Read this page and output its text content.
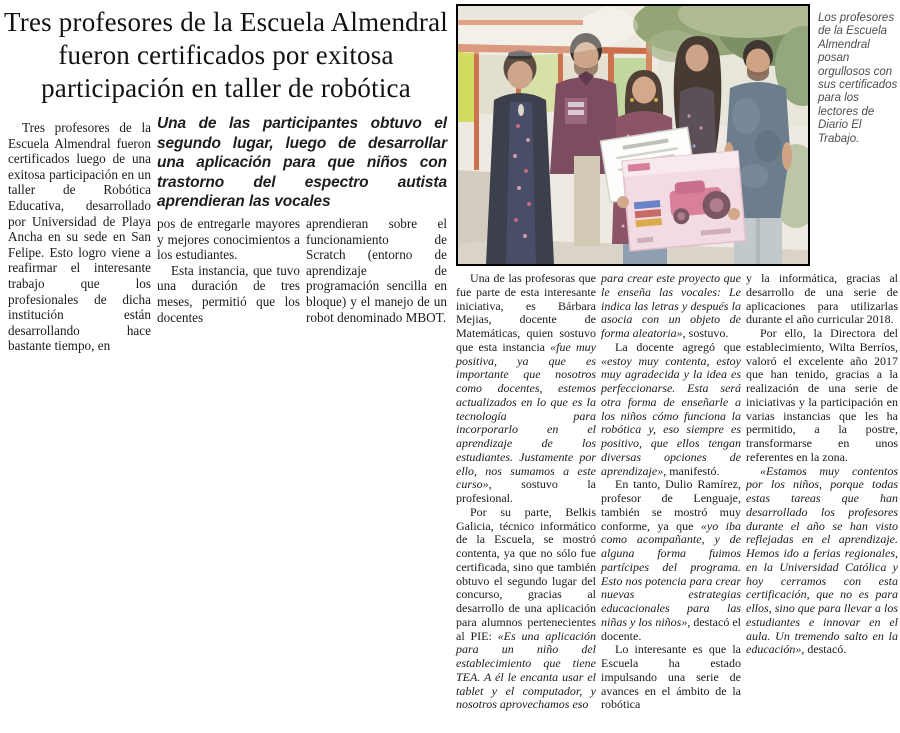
Tres profesores de la Escuela Almendral
fueron certificados por exitosa
participación en taller de robótica
Una de las participantes obtuvo el segundo lugar, luego de desarrollar una aplicación para que niños con trastorno del espectro autista aprendieran las vocales

Tres profesores de la Escuela Almendral fueron certificados luego de una exitosa participación en un taller de Robótica Educativa, desarrollado por Universidad de Playa Ancha en su sede en San Felipe. Esto logro viene a reafirmar el interesante trabajo que los profesionales de dicha institución están desarrollando hace bastante tiempo, en

pos de entregarle mayores y mejores conocimientos a los estudiantes.

Esta instancia, que tuvo una duración de tres meses, permitió que los docentes

aprendieran sobre el funcionamiento de Scratch (entorno de aprendizaje de programación sencilla en bloque) y el manejo de un robot denominado MBOT.

Los profesores de la Escuela Almendral posan orgullosos con sus certificados para los lectores de Diario El Trabajo.

Una de las profesoras que fue parte de esta interesante iniciativa, es Bárbara Mejias, docente de Matemáticas, quien sostuvo que esta instancia «fue muy positiva, ya que es importante que nosotros como docentes, estemos actualizados en lo que es la tecnología para incorporarlo en el aprendizaje de los estudiantes. Justamente por ello, nos sumamos a este curso», sostuvo la profesional.

Por su parte, Belkis Galicia, técnico informático de la Escuela, se mostró contenta, ya que no sólo fue certificada, sino que también obtuvo el segundo lugar del concurso, gracias al desarrollo de una aplicación para alumnos pertenecientes al PIE: «Es una aplicación para un niño del establecimiento que tiene TEA. A él le encanta usar el tablet y el computador, y nosotros aprovechamos eso

para crear este proyecto que le enseña las vocales: Le indica las letras y después la asocia con un objeto de forma aleatoria», sostuvo.

La docente agregó que «estoy muy contenta, estoy muy agradecida y la idea es perfeccionarse. Esta será otra forma de enseñarle a los niños cómo funciona la robótica y, eso siempre es positivo, que ellos tengan diversas opciones de aprendizaje», manifestó.

En tanto, Dulio Ramírez, profesor de Lenguaje, también se mostró muy conforme, ya que «yo iba como acompañante, y de alguna forma fuimos partícipes del programa. Esto nos potencia para crear nuevas estrategias educacionales para las niñas y los niños», destacó el docente.

Lo interesante es que la Escuela ha estado impulsando una serie de avances en el ámbito de la robótica

y la informática, gracias al desarrollo de una serie de aplicaciones para utilizarlas durante el año curricular 2018.

Por ello, la Directora del establecimiento, Wilta Berríos, valoró el excelente año 2017 que han tenido, gracias a la realización de una serie de iniciativas y la participación en varias instancias que les ha permitido, a la postre, transformarse en unos referentes en la zona.

«Estamos muy contentos por los niños, porque todas estas tareas que han desarrollado los profesores durante el año se han visto reflejadas en el aprendizaje. Hemos ido a ferias regionales, en la Universidad Católica y hoy cerramos con esta certificación, que no es para ellos, sino que para llevar a los estudiantes e innovar en el aula. Un tremendo salto en la educación», destacó.
